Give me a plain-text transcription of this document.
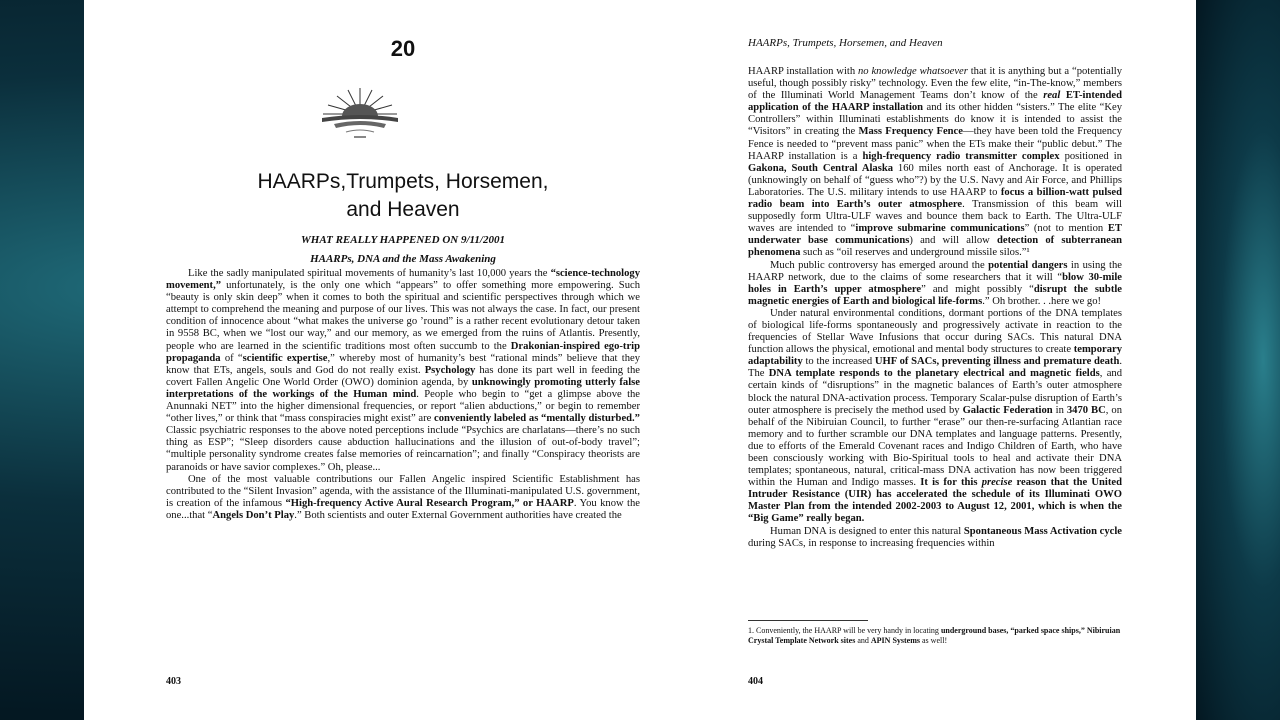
20
HAARPs,Trumpets, Horsemen,
and Heaven
WHAT REALLY HAPPENED ON 9/11/2001
HAARPs, DNA and the Mass Awakening

Like the sadly manipulated spiritual movements of humanity’s last 10,000 years the “science-technology movement,” unfortunately, is the only one which “appears” to offer something more empowering. Such “beauty is only skin deep” when it comes to both the spiritual and scientific perspectives through which we attempt to comprehend the meaning and purpose of our lives. This was not always the case. In fact, our present condition of innocence about “what makes the universe go ’round” is a rather recent evolutionary detour taken in 9558 BC, when we “lost our way,” and our memory, as we emerged from the ruins of Atlantis. Presently, people who are learned in the scientific traditions most often succumb to the Drakonian-inspired ego-trip propaganda of “scientific expertise,” whereby most of humanity’s best “rational minds” believe that they know that ETs, angels, souls and God do not really exist. Psychology has done its part well in feeding the covert Fallen Angelic One World Order (OWO) dominion agenda, by unknowingly promoting utterly false interpretations of the workings of the Human mind. People who begin to “get a glimpse above the Anunnaki NET” into the higher dimensional frequencies, or report “alien abductions,” or begin to remember “other lives,” or think that “mass conspiracies might exist” are conveniently labeled as “mentally disturbed.” Classic psychiatric responses to the above noted perceptions include “Psychics are charlatans—there’s no such thing as ESP”; “Sleep disorders cause abduction hallucinations and the illusion of out-of-body travel”; “multiple personality syndrome creates false memories of reincarnation”; and finally “Conspiracy theorists are paranoids or have savior complexes.” Oh, please...

One of the most valuable contributions our Fallen Angelic inspired Scientific Establishment has contributed to the “Silent Invasion” agenda, with the assistance of the Illuminati-manipulated U.S. government, is creation of the infamous “High-frequency Active Aural Research Program,” or HAARP. You know the one...that “Angels Don’t Play.” Both scientists and outer External Government authorities have created the

403
HAARPs, Trumpets, Horsemen, and Heaven

HAARP installation with no knowledge whatsoever that it is anything but a “potentially useful, though possibly risky” technology. Even the few elite, “in-The-know,” members of the Illuminati World Management Teams don’t know of the real ET-intended application of the HAARP installation and its other hidden “sisters.” The elite “Key Controllers” within Illuminati establishments do know it is intended to assist the “Visitors” in creating the Mass Frequency Fence—they have been told the Frequency Fence is needed to “prevent mass panic” when the ETs make their “public debut.” The HAARP installation is a high-frequency radio transmitter complex positioned in Gakona, South Central Alaska 160 miles north east of Anchorage. It is operated (unknowingly on behalf of “guess who”?) by the U.S. Navy and Air Force, and Phillips Laboratories. The U.S. military intends to use HAARP to focus a billion-watt pulsed radio beam into Earth’s outer atmosphere. Transmission of this beam will supposedly form Ultra-ULF waves and bounce them back to Earth. The Ultra-ULF waves are intended to “improve submarine communications” (not to mention ET underwater base communications) and will allow detection of subterranean phenomena such as “oil reserves and underground missile silos.”¹

Much public controversy has emerged around the potential dangers in using the HAARP network, due to the claims of some researchers that it will “blow 30-mile holes in Earth’s upper atmosphere” and might possibly “disrupt the subtle magnetic energies of Earth and biological life-forms.” Oh brother. . .here we go!

Under natural environmental conditions, dormant portions of the DNA templates of biological life-forms spontaneously and progressively activate in reaction to the frequencies of Stellar Wave Infusions that occur during SACs. This natural DNA function allows the physical, emotional and mental body structures to create temporary adaptability to the increased UHF of SACs, preventing illness and premature death. The DNA template responds to the planetary electrical and magnetic fields, and certain kinds of “disruptions” in the magnetic balances of Earth’s outer atmosphere block the natural DNA-activation process. Temporary Scalar-pulse disruption of Earth’s outer atmosphere is precisely the method used by Galactic Federation in 3470 BC, on behalf of the Nibiruian Council, to further “erase” our then-re-surfacing Atlantian race memory and to further scramble our DNA templates and language patterns. Presently, due to efforts of the Emerald Covenant races and Indigo Children of Earth, who have been consciously working with Bio-Spiritual tools to heal and activate their DNA templates; spontaneous, natural, critical-mass DNA activation has now been triggered within the Human and Indigo masses. It is for this precise reason that the United Intruder Resistance (UIR) has accelerated the schedule of its Illuminati OWO Master Plan from the intended 2002-2003 to August 12, 2001, which is when the “Big Game” really began.

Human DNA is designed to enter this natural Spontaneous Mass Activation cycle during SACs, in response to increasing frequencies within

1. Conveniently, the HAARP will be very handy in locating underground bases, “parked space ships,” Nibiruian Crystal Template Network sites and APIN Systems as well!
404
